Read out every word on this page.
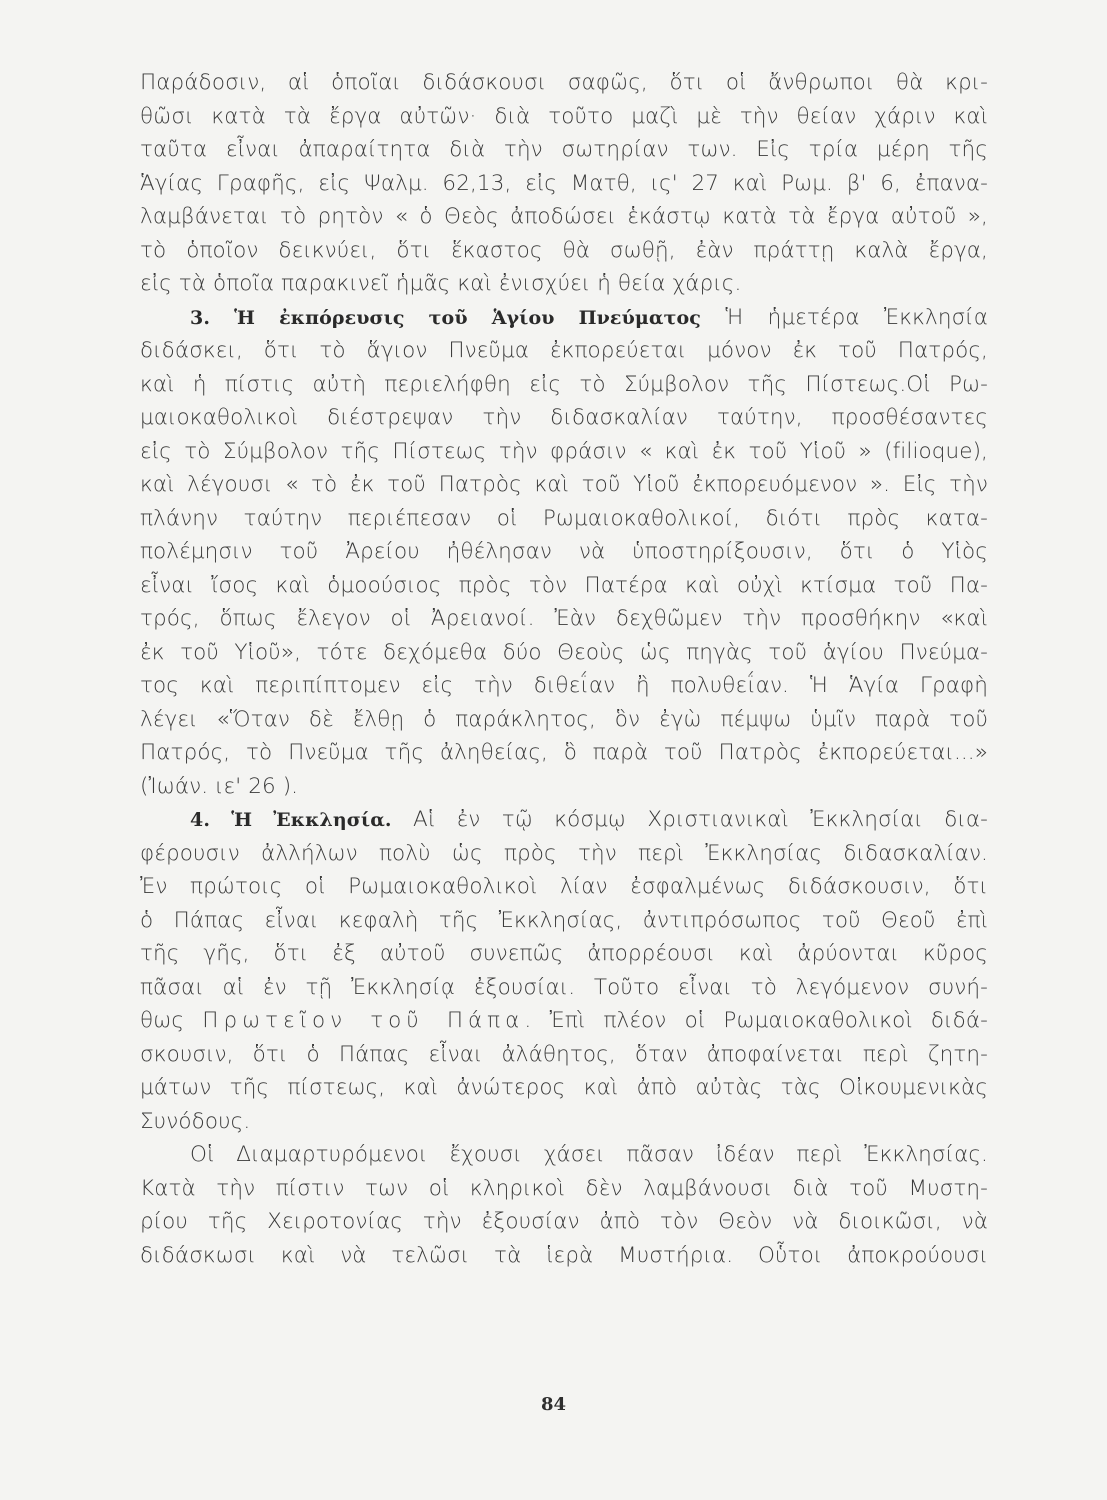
Παράδοσιν, αἱ ὁποῖαι διδάσκουσι σαφῶς, ὅτι οἱ ἄνθρωποι θὰ κρι-
θῶσι κατὰ τὰ ἔργα αὐτῶν· διὰ τοῦτο μαζὶ μὲ τὴν θείαν χάριν καὶ
ταῦτα εἶναι ἀπαραίτητα διὰ τὴν σωτηρίαν των. Εἰς τρία μέρη τῆς
Ἁγίας Γραφῆς, εἰς Ψαλμ. 62,13, εἰς Ματθ, ις' 27 καὶ Ρωμ. β' 6, ἐπανα-
λαμβάνεται τὸ ρητὸν « ὁ Θεὸς ἀποδώσει ἑκάστῳ κατὰ τὰ ἔργα αὐτοῦ »,
τὸ ὁποῖον δεικνύει, ὅτι ἕκαστος θὰ σωθῇ, ἐὰν πράττῃ καλὰ ἔργα,
εἰς τὰ ὁποῖα παρακινεῖ ἡμᾶς καὶ ἐνισχύει ἡ θεία χάρις.
3. Ἡ ἐκπόρευσις τοῦ Ἁγίου Πνεύματος Ἡ ἡμετέρα Ἐκκλησία
διδάσκει, ὅτι τὸ ἅγιον Πνεῦμα ἐκπορεύεται μόνον ἐκ τοῦ Πατρός,
καὶ ἡ πίστις αὐτὴ περιελήφθη εἰς τὸ Σύμβολον τῆς Πίστεως.Οἱ Ρω-
μαιοκαθολικοὶ διέστρεψαν τὴν διδασκαλίαν ταύτην, προσθέσαντες
εἰς τὸ Σύμβολον τῆς Πίστεως τὴν φράσιν « καὶ ἐκ τοῦ Υἱοῦ » (filioque),
καὶ λέγουσι « τὸ ἐκ τοῦ Πατρὸς καὶ τοῦ Υἱοῦ ἐκπορευόμενον ». Εἰς τὴν
πλάνην ταύτην περιέπεσαν οἱ Ρωμαιοκαθολικοί, διότι πρὸς κατα-
πολέμησιν τοῦ Ἀρείου ἠθέλησαν νὰ ὑποστηρίξουσιν, ὅτι ὁ Υἱὸς
εἶναι ἴσος καὶ ὁμοούσιος πρὸς τὸν Πατέρα καὶ οὐχὶ κτίσμα τοῦ Πα-
τρός, ὅπως ἔλεγον οἱ Ἀρειανοί. Ἐὰν δεχθῶμεν τὴν προσθήκην «καὶ
ἐκ τοῦ Υἱοῦ», τότε δεχόμεθα δύο Θεοὺς ὡς πηγὰς τοῦ ἁγίου Πνεύμα-
τος καὶ περιπίπτομεν εἰς τὴν διθεΐαν ἢ πολυθεΐαν. Ἡ Ἁγία Γραφὴ
λέγει «Ὅταν δὲ ἔλθῃ ὁ παράκλητος, ὃν ἐγὼ πέμψω ὑμῖν παρὰ τοῦ
Πατρός, τὸ Πνεῦμα τῆς ἀληθείας, ὃ παρὰ τοῦ Πατρὸς ἐκπορεύεται...»
(Ἰωάν. ιε' 26 ).
4. Ἡ Ἐκκλησία. Αἱ ἐν τῷ κόσμῳ Χριστιανικαὶ Ἐκκλησίαι δια-
φέρουσιν ἀλλήλων πολὺ ὡς πρὸς τὴν περὶ Ἐκκλησίας διδασκαλίαν.
Ἐν πρώτοις οἱ Ρωμαιοκαθολικοὶ λίαν ἐσφαλμένως διδάσκουσιν, ὅτι
ὁ Πάπας εἶναι κεφαλὴ τῆς Ἐκκλησίας, ἀντιπρόσωπος τοῦ Θεοῦ ἐπὶ
τῆς γῆς, ὅτι ἐξ αὐτοῦ συνεπῶς ἀπορρέουσι καὶ ἀρύονται κῦρος
πᾶσαι αἱ ἐν τῇ Ἐκκλησίᾳ ἐξουσίαι. Τοῦτο εἶναι τὸ λεγόμενον συνή-
θως Πρωτεῖον τοῦ Πάπα. Ἐπὶ πλέον οἱ Ρωμαιοκαθολικοὶ διδά-
σκουσιν, ὅτι ὁ Πάπας εἶναι ἀλάθητος, ὅταν ἀποφαίνεται περὶ ζητη-
μάτων τῆς πίστεως, καὶ ἀνώτερος καὶ ἀπὸ αὐτὰς τὰς Οἰκουμενικὰς
Συνόδους.
Οἱ Διαμαρτυρόμενοι ἔχουσι χάσει πᾶσαν ἰδέαν περὶ Ἐκκλησίας.
Κατὰ τὴν πίστιν των οἱ κληρικοὶ δὲν λαμβάνουσι διὰ τοῦ Μυστη-
ρίου τῆς Χειροτονίας τὴν ἐξουσίαν ἀπὸ τὸν Θεὸν νὰ διοικῶσι, νὰ
διδάσκωσι καὶ νὰ τελῶσι τὰ ἱερὰ Μυστήρια. Οὗτοι ἀποκρούουσι
84
